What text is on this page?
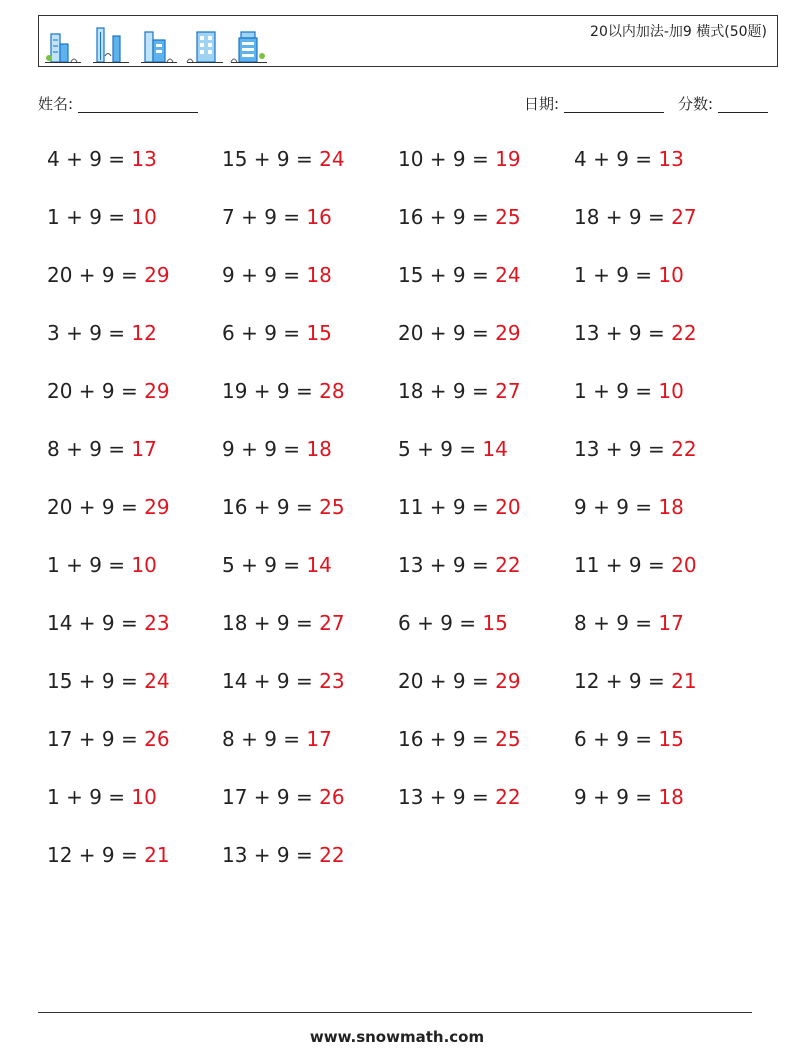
20以内加法-加9 横式(50题)
姓名:	日期:	分数:
4 + 9 = 13	15 + 9 = 24	10 + 9 = 19	4 + 9 = 13
1 + 9 = 10	7 + 9 = 16	16 + 9 = 25	18 + 9 = 27
20 + 9 = 29	9 + 9 = 18	15 + 9 = 24	1 + 9 = 10
3 + 9 = 12	6 + 9 = 15	20 + 9 = 29	13 + 9 = 22
20 + 9 = 29	19 + 9 = 28	18 + 9 = 27	1 + 9 = 10
8 + 9 = 17	9 + 9 = 18	5 + 9 = 14	13 + 9 = 22
20 + 9 = 29	16 + 9 = 25	11 + 9 = 20	9 + 9 = 18
1 + 9 = 10	5 + 9 = 14	13 + 9 = 22	11 + 9 = 20
14 + 9 = 23	18 + 9 = 27	6 + 9 = 15	8 + 9 = 17
15 + 9 = 24	14 + 9 = 23	20 + 9 = 29	12 + 9 = 21
17 + 9 = 26	8 + 9 = 17	16 + 9 = 25	6 + 9 = 15
1 + 9 = 10	17 + 9 = 26	13 + 9 = 22	9 + 9 = 18
12 + 9 = 21	13 + 9 = 22
www.snowmath.com
